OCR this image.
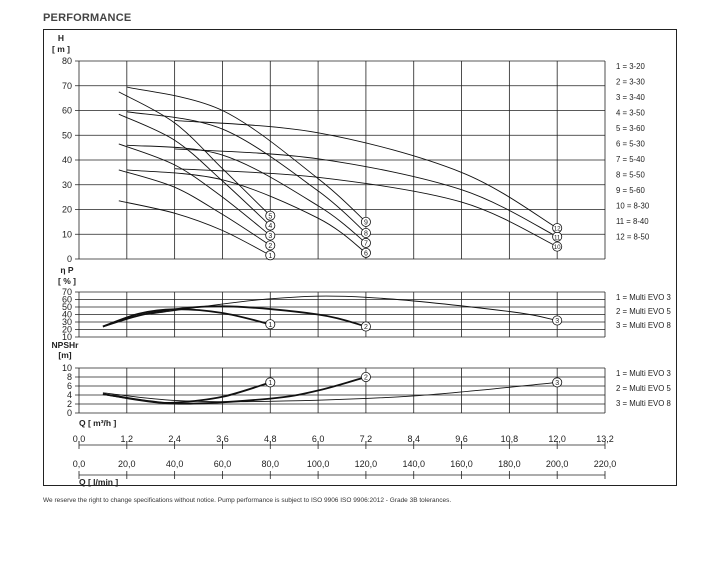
PERFORMANCE
0
10
20
30
40
50
60
70
80
H
[ m ]
1
1 = 3-20
2
2 = 3-30
3
3 = 3-40
4
4 = 3-50
5
5 = 3-60
6
6 = 5-30
7
7 = 5-40
8
8 = 5-50
9
9 = 5-60
10
10 = 8-30
11
11 = 8-40
12
12 = 8-50
10
20
30
40
50
60
70
η P
[ % ]
1
1 = Multi EVO 3
2
2 = Multi EVO 5
3	3 = Multi EVO 8
0
2
4
6
8
10
NPSHr
[m]
1
1 = Multi EVO 3
2
2 = Multi EVO 5
3
3 = Multi EVO 8
0,0	1,2	2,4	3,6	4,8	6,0	7,2	8,4	9,6	10,8	12,0	13,2
Q [ m³/h ]
0,0	20,0	40,0	60,0	80,0	100,0	120,0	140,0	160,0	180,0	200,0	220,0
Q [ l/min ]
We reserve the right to change specifications without notice. Pump performance is subject to ISO 9906 ISO 9906:2012 - Grade 3B tolerances.
